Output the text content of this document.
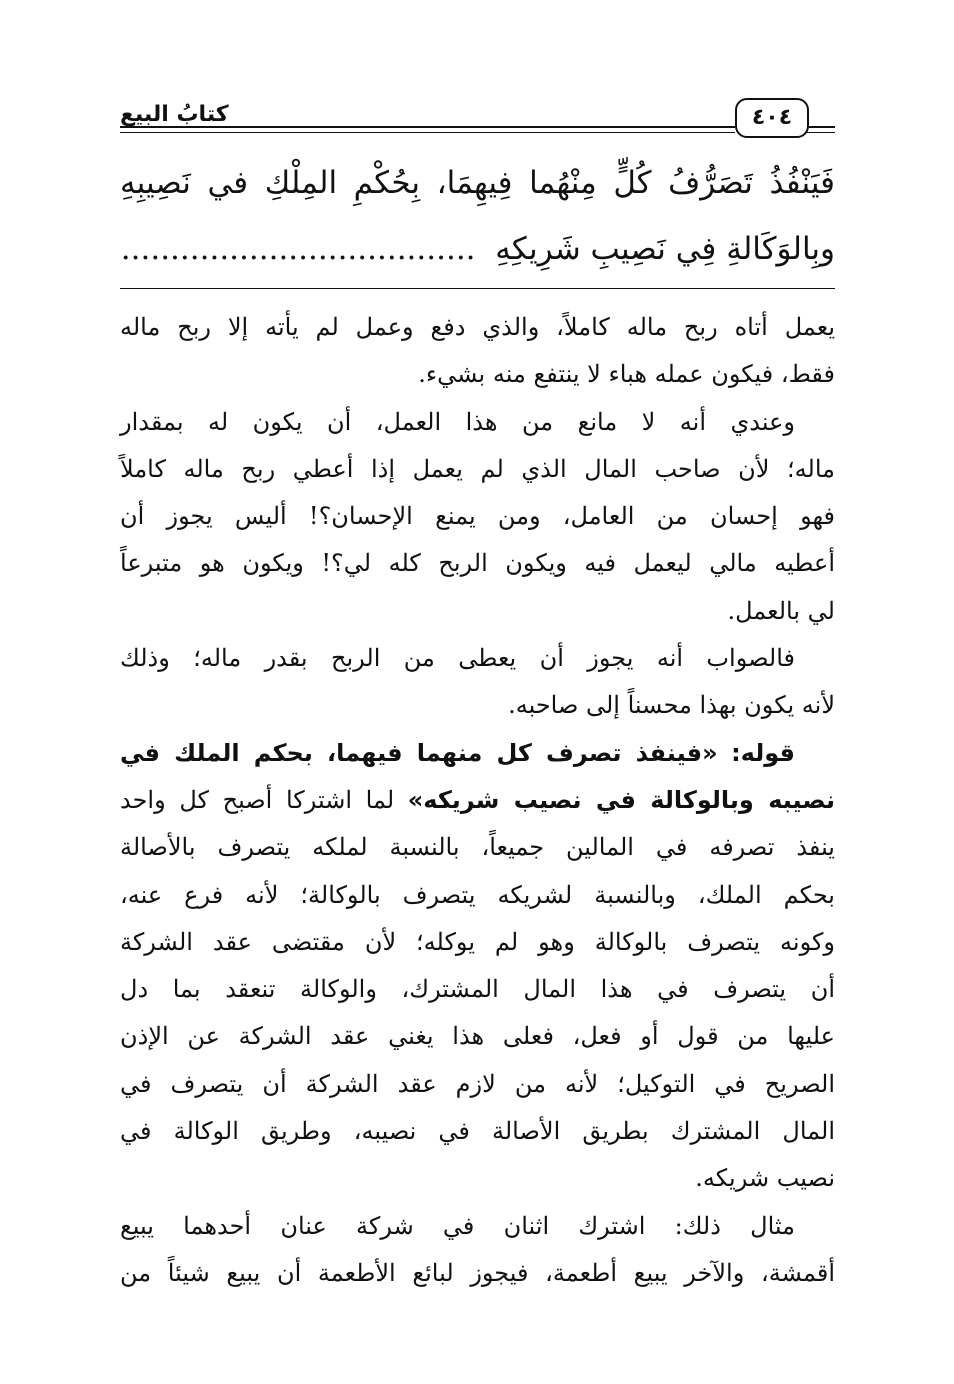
كتابُ البيع	٤٠٤
فَيَنْفُذُ تَصَرُّفُ كُلٍّ مِنْهُما فِيهِمَا، بِحُكْمِ المِلْكِ في نَصِيبِهِ
وبِالوَكَالةِ فِي نَصِيبِ شَرِيكِهِ  ....................................
يعمل أتاه ربح ماله كاملاً، والذي دفع وعمل لم يأته إلا ربح ماله
فقط، فيكون عمله هباء لا ينتفع منه بشيء.
وعندي أنه لا مانع من هذا العمل، أن يكون له بمقدار
ماله؛ لأن صاحب المال الذي لم يعمل إذا أعطي ربح ماله كاملاً
فهو إحسان من العامل، ومن يمنع الإحسان؟! أليس يجوز أن
أعطيه مالي ليعمل فيه ويكون الربح كله لي؟! ويكون هو متبرعاً
لي بالعمل.
فالصواب أنه يجوز أن يعطى من الربح بقدر ماله؛ وذلك
لأنه يكون بهذا محسناً إلى صاحبه.
قوله: «فينفذ تصرف كل منهما فيهما، بحكم الملك في
نصيبه وبالوكالة في نصيب شريكه» لما اشتركا أصبح كل واحد
ينفذ تصرفه في المالين جميعاً، بالنسبة لملكه يتصرف بالأصالة
بحكم الملك، وبالنسبة لشريكه يتصرف بالوكالة؛ لأنه فرع عنه،
وكونه يتصرف بالوكالة وهو لم يوكله؛ لأن مقتضى عقد الشركة
أن يتصرف في هذا المال المشترك، والوكالة تنعقد بما دل
عليها من قول أو فعل، فعلى هذا يغني عقد الشركة عن الإذن
الصريح في التوكيل؛ لأنه من لازم عقد الشركة أن يتصرف في
المال المشترك بطريق الأصالة في نصيبه، وطريق الوكالة في
نصيب شريكه.
مثال ذلك: اشترك اثنان في شركة عنان أحدهما يبيع
أقمشة، والآخر يبيع أطعمة، فيجوز لبائع الأطعمة أن يبيع شيئاً من
